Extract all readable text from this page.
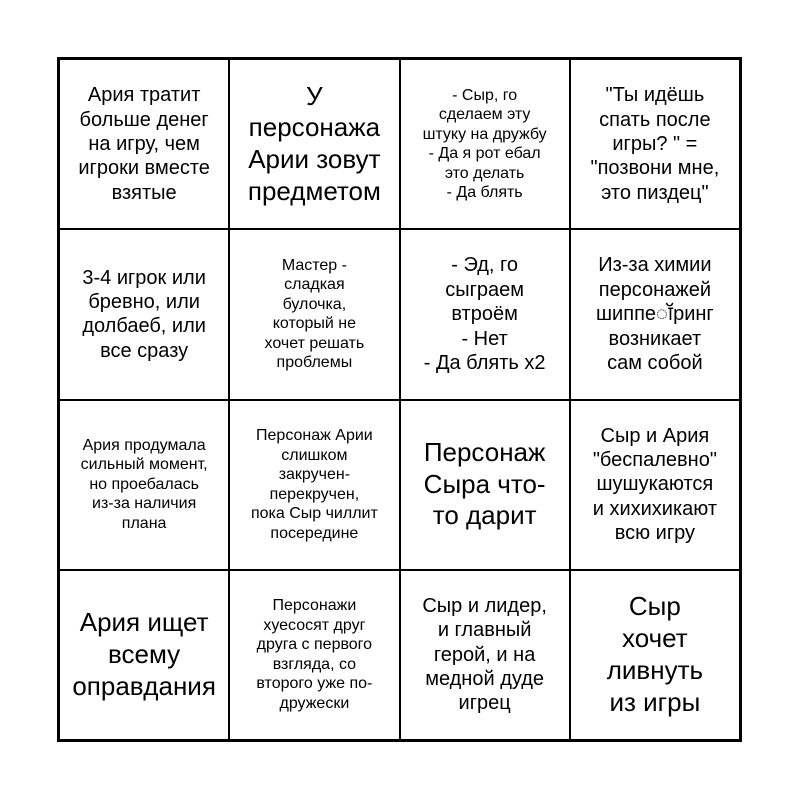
Ария тратит
больше денег
на игру, чем
игроки вместе
взятые
У
персонажа
Арии зовут
предметом
- Сыр, го
сделаем эту
штуку на дружбу
- Да я рот ебал
это делать
- Да блять
"Ты идёшь
спать после
игры? " =
"позвони мне,
это пиздец"
3-4 игрок или
бревно, или
долбаеб, или
все сразу
Мастер -
сладкая
булочка,
который не
хочет решать
проблемы
- Эд, го
сыграем
втроём
- Нет
- Да блять х2
Из-за химии
персонажей
шиппеॉринг
возникает
сам собой
Ария продумала
сильный момент,
но проебалась
из-за наличия
плана
Персонаж Арии
слишком
закручен-
перекручен,
пока Сыр чиллит
посередине
Персонаж
Сыра что-
то дарит
Сыр и Ария
"беспалевно"
шушукаются
и хихихикают
всю игру
Ария ищет
всему
оправдания
Персонажи
хуесосят друг
друга с первого
взгляда, со
второго уже по-
дружески
Сыр и лидер,
и главный
герой, и на
медной дуде
игрец
Сыр
хочет
ливнуть
из игры
